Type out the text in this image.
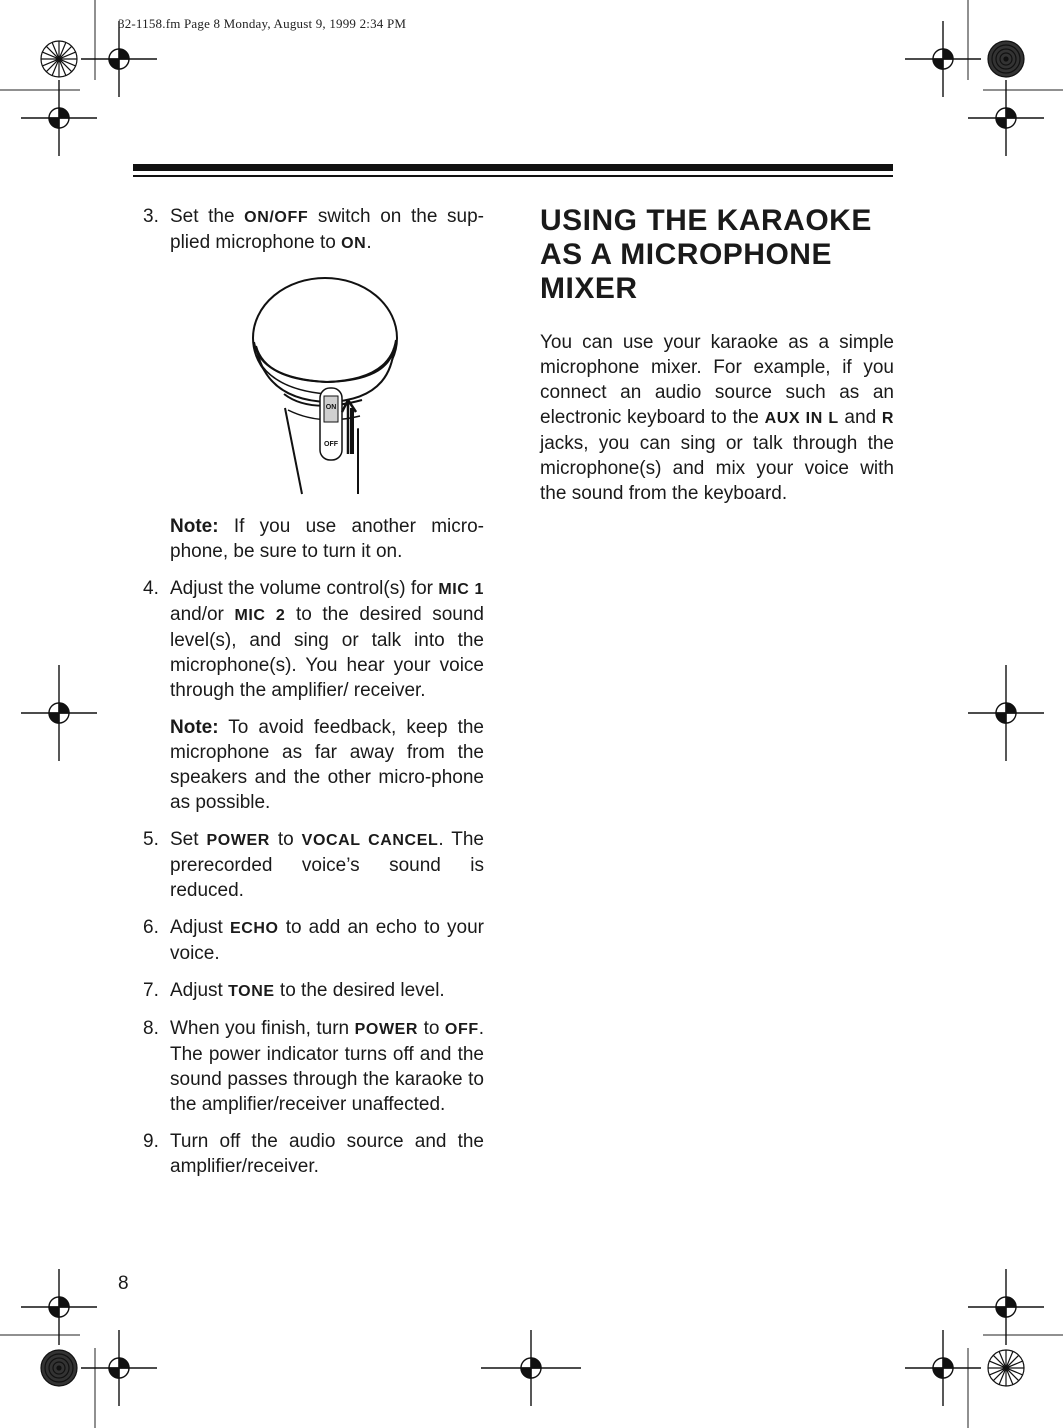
32-1158.fm Page 8 Monday, August 9, 1999 2:34 PM
3. Set the ON/OFF switch on the sup-plied microphone to ON.
ON
OFF
Note: If you use another micro-phone, be sure to turn it on.
4. Adjust the volume control(s) for MIC 1 and/or MIC 2 to the desired sound level(s), and sing or talk into the microphone(s). You hear your voice through the amplifier/ receiver.
Note: To avoid feedback, keep the microphone as far away from the speakers and the other micro-phone as possible.
5. Set POWER to VOCAL CANCEL. The prerecorded voice’s sound is reduced.
6. Adjust ECHO to add an echo to your voice.
7. Adjust TONE to the desired level.
8. When you finish, turn POWER to OFF. The power indicator turns off and the sound passes through the karaoke to the amplifier/receiver unaffected.
9. Turn off the audio source and the amplifier/receiver.
USING THE KARAOKE
AS A MICROPHONE
MIXER
You can use your karaoke as a simple microphone mixer. For example, if you connect an audio source such as an electronic keyboard to the AUX IN L and R jacks, you can sing or talk through the microphone(s) and mix your voice with the sound from the keyboard.
8
